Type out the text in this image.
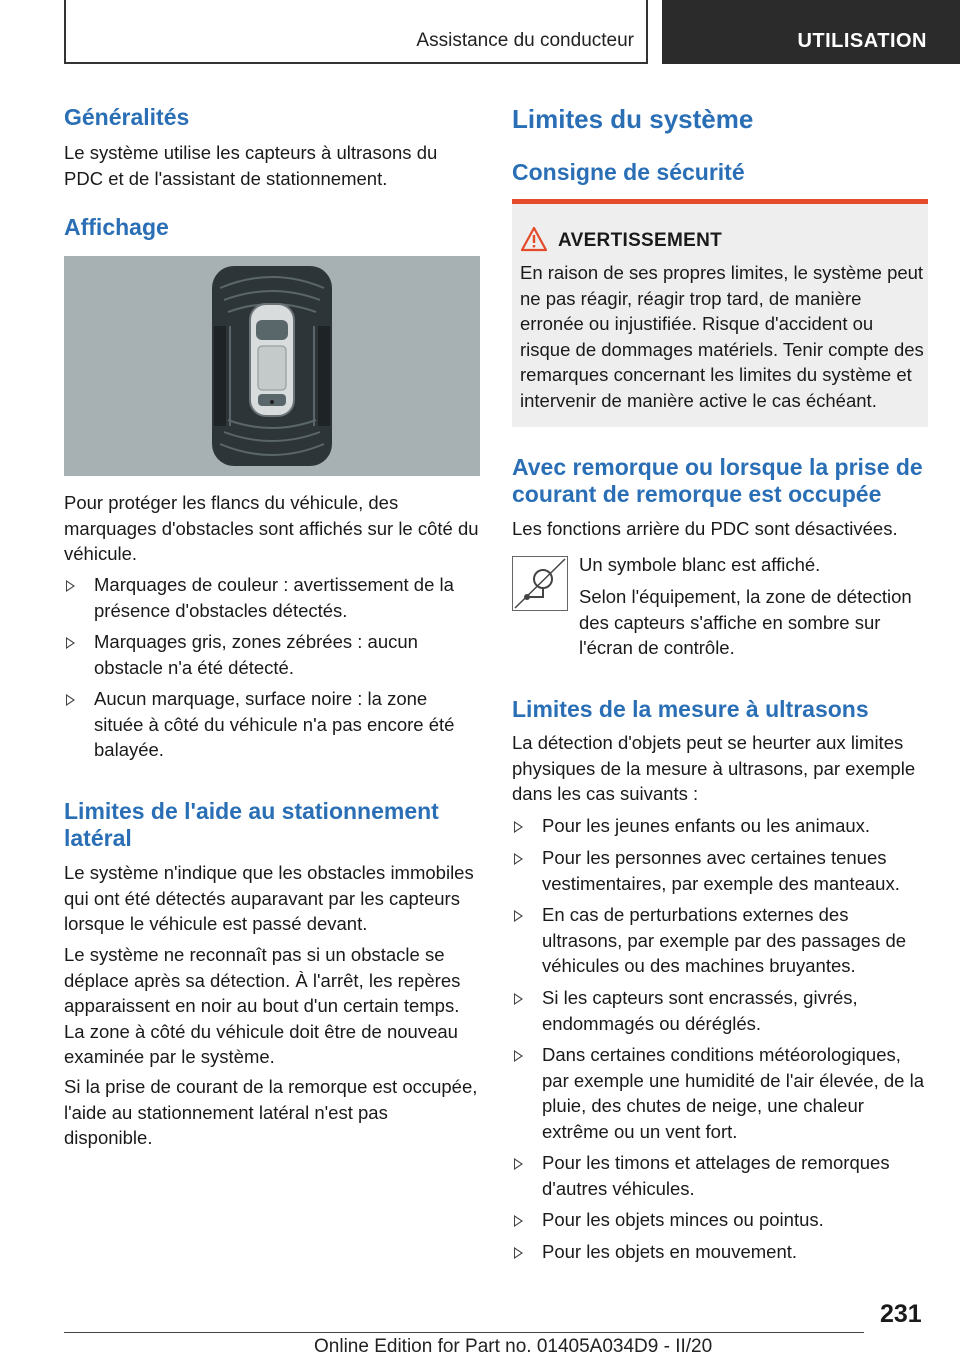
Assistance du conducteur	UTILISATION
Généralités

Le système utilise les capteurs à ultrasons du PDC et de l'assistant de stationnement.

Affichage

Pour protéger les flancs du véhicule, des marquages d'obstacles sont affichés sur le côté du véhicule.

Marquages de couleur : avertissement de la présence d'obstacles détectés.
Marquages gris, zones zébrées : aucun obstacle n'a été détecté.
Aucun marquage, surface noire : la zone située à côté du véhicule n'a pas encore été balayée.
Limites de l'aide au stationnement latéral

Le système n'indique que les obstacles immobiles qui ont été détectés auparavant par les capteurs lorsque le véhicule est passé devant.

Le système ne reconnaît pas si un obstacle se déplace après sa détection. À l'arrêt, les repères apparaissent en noir au bout d'un certain temps. La zone à côté du véhicule doit être de nouveau examinée par le système.

Si la prise de courant de la remorque est occupée, l'aide au stationnement latéral n'est pas disponible.

Limites du système
Consigne de sécurité
AVERTISSEMENT
En raison de ses propres limites, le système peut ne pas réagir, réagir trop tard, de manière erronée ou injustifiée. Risque d'accident ou risque de dommages matériels. Tenir compte des remarques concernant les limites du système et intervenir de manière active le cas échéant.
Avec remorque ou lorsque la prise de courant de remorque est occupée

Les fonctions arrière du PDC sont désactivées.

Un symbole blanc est affiché.

Selon l'équipement, la zone de détection des capteurs s'affiche en sombre sur l'écran de contrôle.

Limites de la mesure à ultrasons

La détection d'objets peut se heurter aux limites physiques de la mesure à ultrasons, par exemple dans les cas suivants :

Pour les jeunes enfants ou les animaux.
Pour les personnes avec certaines tenues vestimentaires, par exemple des manteaux.
En cas de perturbations externes des ultrasons, par exemple par des passages de véhicules ou des machines bruyantes.
Si les capteurs sont encrassés, givrés, endommagés ou déréglés.
Dans certaines conditions météorologiques, par exemple une humidité de l'air élevée, de la pluie, des chutes de neige, une chaleur extrême ou un vent fort.
Pour les timons et attelages de remorques d'autres véhicules.
Pour les objets minces ou pointus.
Pour les objets en mouvement.
231
Online Edition for Part no. 01405A034D9 - II/20
